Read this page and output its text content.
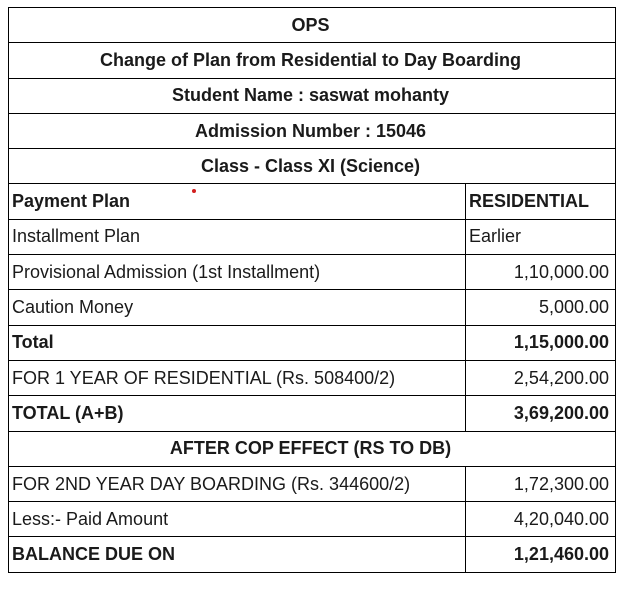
OPS	
Change of Plan from Residential to Day Boarding	
Student Name : saswat mohanty	
Admission Number : 15046	
Class - Class XI (Science)	
Payment Plan	RESIDENTIAL
Installment Plan	Earlier
Provisional Admission (1st Installment)	1,10,000.00
Caution Money	5,000.00
Total	1,15,000.00
FOR 1 YEAR OF RESIDENTIAL (Rs. 508400/2)	2,54,200.00
TOTAL (A+B)	3,69,200.00
AFTER COP EFFECT (RS TO DB)	
FOR 2ND YEAR DAY BOARDING (Rs. 344600/2)	1,72,300.00
Less:- Paid Amount	4,20,040.00
BALANCE DUE ON	1,21,460.00
